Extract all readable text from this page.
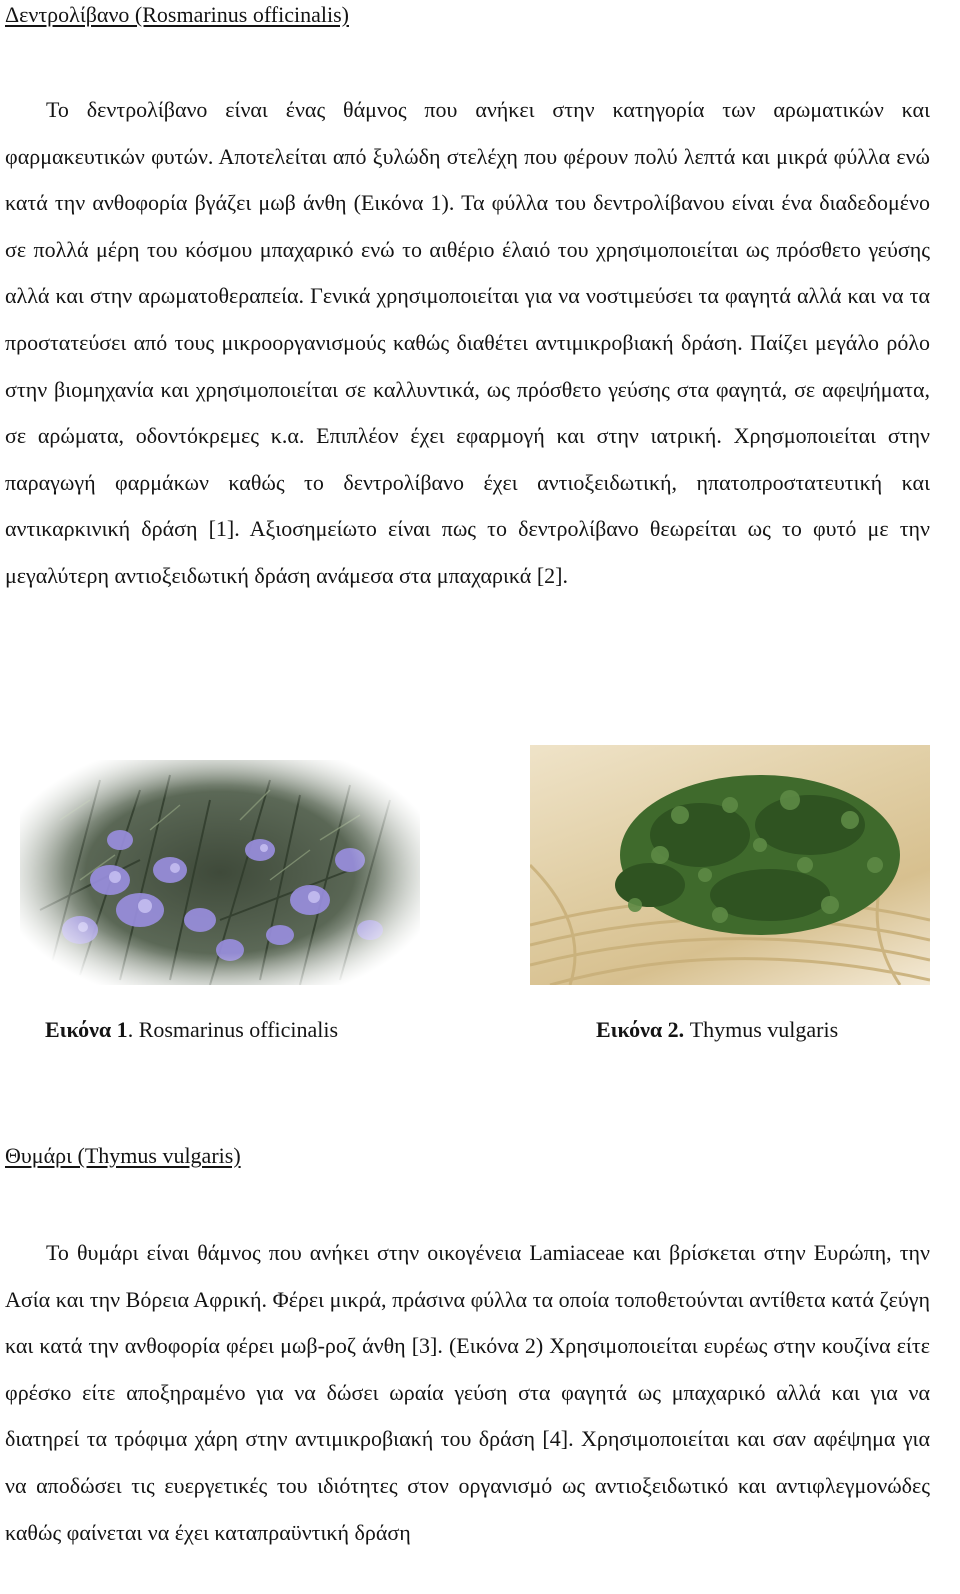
Δεντρολίβανο (Rosmarinus officinalis)

Το δεντρολίβανο είναι ένας θάμνος που ανήκει στην κατηγορία των αρωματικών και φαρμακευτικών φυτών. Αποτελείται από ξυλώδη στελέχη που φέρουν πολύ λεπτά και μικρά φύλλα ενώ κατά την ανθοφορία βγάζει μωβ άνθη (Εικόνα 1). Τα φύλλα του δεντρολίβανου είναι ένα διαδεδομένο σε πολλά μέρη του κόσμου μπαχαρικό ενώ το αιθέριο έλαιό του χρησιμοποιείται ως πρόσθετο γεύσης αλλά και στην αρωματοθεραπεία. Γενικά χρησιμοποιείται για να νοστιμεύσει τα φαγητά αλλά και να τα προστατεύσει από τους μικροοργανισμούς καθώς διαθέτει αντιμικροβιακή δράση. Παίζει μεγάλο ρόλο στην βιομηχανία και χρησιμοποιείται σε καλλυντικά, ως πρόσθετο γεύσης στα φαγητά, σε αφεψήματα, σε αρώματα, οδοντόκρεμες κ.α. Επιπλέον έχει εφαρμογή και στην ιατρική. Χρησμοποιείται στην παραγωγή φαρμάκων καθώς το δεντρολίβανο έχει αντιοξειδωτική, ηπατοπροστατευτική και αντικαρκινική δράση [1]. Αξιοσημείωτο είναι πως το δεντρολίβανο θεωρείται ως το φυτό με την μεγαλύτερη αντιοξειδωτική δράση ανάμεσα στα μπαχαρικά [2].

Εικόνα 1. Rosmarinus officinalis	Εικόνα 2. Thymus vulgaris
Θυμάρι (Thymus vulgaris)

Το θυμάρι είναι θάμνος που ανήκει στην οικογένεια Lamiaceae και βρίσκεται στην Ευρώπη, την Ασία και την Βόρεια Αφρική. Φέρει μικρά, πράσινα φύλλα τα οποία τοποθετούνται αντίθετα κατά ζεύγη και κατά την ανθοφορία φέρει μωβ-ροζ άνθη [3]. (Εικόνα 2) Χρησιμοποιείται ευρέως στην κουζίνα είτε φρέσκο είτε αποξηραμένο για να δώσει ωραία γεύση στα φαγητά ως μπαχαρικό αλλά και για να διατηρεί τα τρόφιμα χάρη στην αντιμικροβιακή του δράση [4]. Χρησιμοποιείται και σαν αφέψημα για να αποδώσει τις ευεργετικές του ιδιότητες στον οργανισμό ως αντιοξειδωτικό και αντιφλεγμονώδες καθώς φαίνεται να έχει καταπραϋντική δράση
